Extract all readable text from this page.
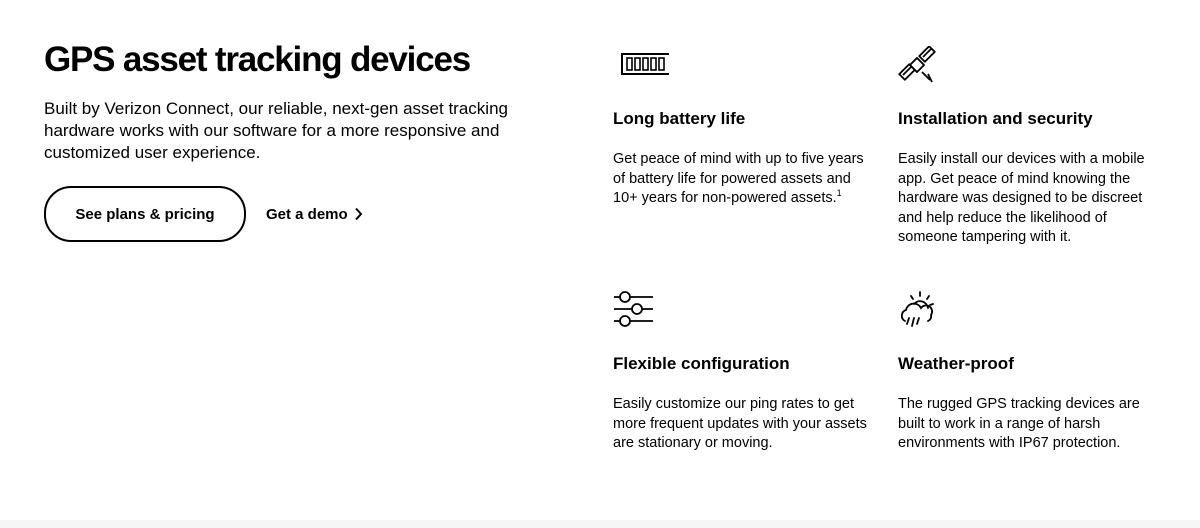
GPS asset tracking devices

Built by Verizon Connect, our reliable, next-gen asset tracking hardware works with our software for a more responsive and customized user experience.

See plans & pricing	Get a demo
Long battery life

Get peace of mind with up to five years of battery life for powered assets and 10+ years for non-powered assets.$^1$

Installation and security

Easily install our devices with a mobile app. Get peace of mind knowing the hardware was designed to be discreet and help reduce the likelihood of someone tampering with it.

Flexible configuration

Easily customize our ping rates to get more frequent updates with your assets are stationary or moving.

Weather-proof

The rugged GPS tracking devices are built to work in a range of harsh environments with IP67 protection.
